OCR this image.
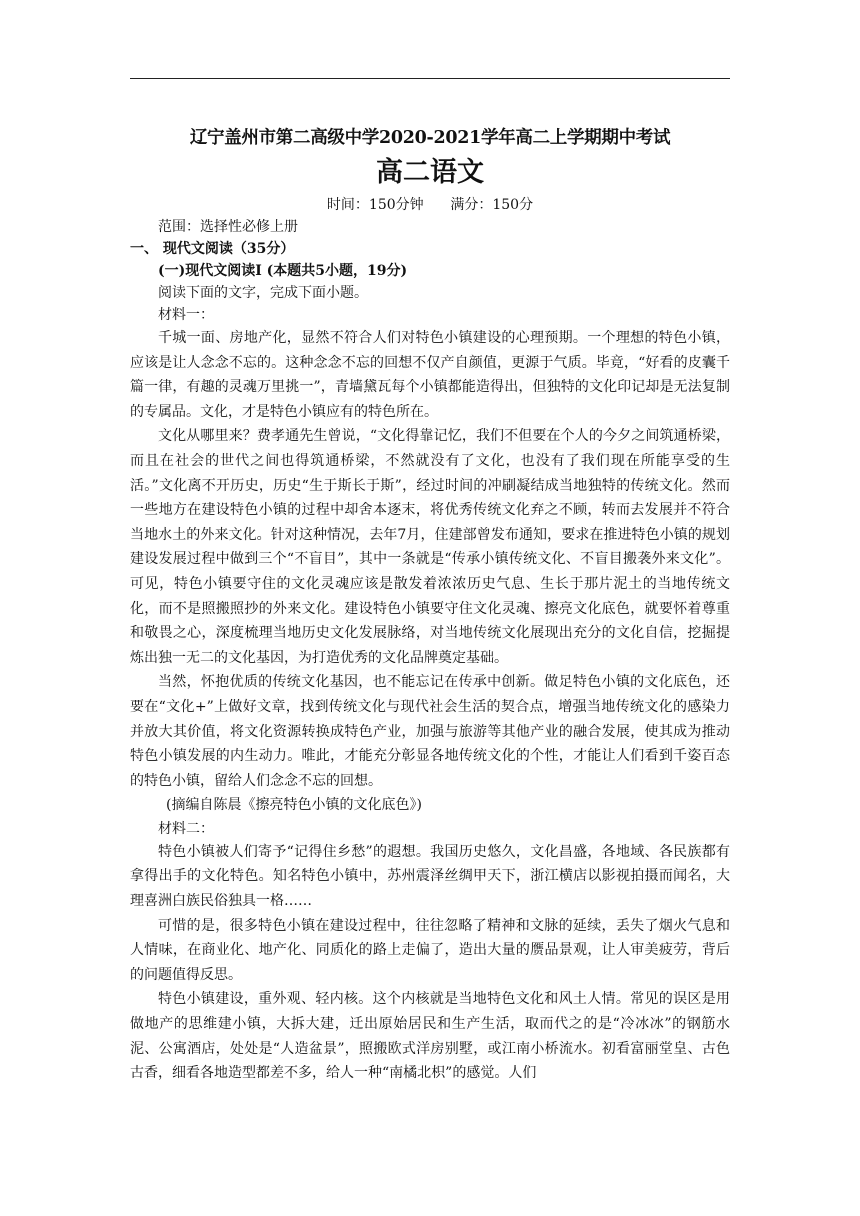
辽宁盖州市第二高级中学2020-2021学年高二上学期期中考试
高二语文
时间：150分钟      满分：150分
范围：选择性必修上册
一、 现代文阅读（35分）
(一)现代文阅读Ⅰ (本题共5小题，19分)
阅读下面的文字，完成下面小题。
材料一：

千城一面、房地产化，显然不符合人们对特色小镇建设的心理预期。一个理想的特色小镇，应该是让人念念不忘的。这种念念不忘的回想不仅产自颜值，更源于气质。毕竟，“好看的皮囊千篇一律，有趣的灵魂万里挑一”，青墙黛瓦每个小镇都能造得出，但独特的文化印记却是无法复制的专属品。文化，才是特色小镇应有的特色所在。

文化从哪里来？费孝通先生曾说，“文化得靠记忆，我们不但要在个人的今夕之间筑通桥梁，而且在社会的世代之间也得筑通桥梁，不然就没有了文化，也没有了我们现在所能享受的生活。”文化离不开历史，历史“生于斯长于斯”，经过时间的冲刷凝结成当地独特的传统文化。然而一些地方在建设特色小镇的过程中却舍本逐末，将优秀传统文化弃之不顾，转而去发展并不符合当地水土的外来文化。针对这种情况，去年7月，住建部曾发布通知，要求在推进特色小镇的规划建设发展过程中做到三个“不盲目”，其中一条就是“传承小镇传统文化、不盲目搬袭外来文化”。可见，特色小镇要守住的文化灵魂应该是散发着浓浓历史气息、生长于那片泥土的当地传统文化，而不是照搬照抄的外来文化。建设特色小镇要守住文化灵魂、擦亮文化底色，就要怀着尊重和敬畏之心，深度梳理当地历史文化发展脉络，对当地传统文化展现出充分的文化自信，挖掘提炼出独一无二的文化基因，为打造优秀的文化品牌奠定基础。

当然，怀抱优质的传统文化基因，也不能忘记在传承中创新。做足特色小镇的文化底色，还要在“文化+”上做好文章，找到传统文化与现代社会生活的契合点，增强当地传统文化的感染力并放大其价值，将文化资源转换成特色产业，加强与旅游等其他产业的融合发展，使其成为推动特色小镇发展的内生动力。唯此，才能充分彰显各地传统文化的个性，才能让人们看到千姿百态的特色小镇，留给人们念念不忘的回想。

(摘编自陈晨《擦亮特色小镇的文化底色》)
材料二：

特色小镇被人们寄予“记得住乡愁”的遐想。我国历史悠久，文化昌盛，各地域、各民族都有拿得出手的文化特色。知名特色小镇中，苏州震泽丝绸甲天下，浙江横店以影视拍摄而闻名，大理喜洲白族民俗独具一格……

可惜的是，很多特色小镇在建设过程中，往往忽略了精神和文脉的延续，丢失了烟火气息和人情味，在商业化、地产化、同质化的路上走偏了，造出大量的赝品景观，让人审美疲劳，背后的问题值得反思。

特色小镇建设，重外观、轻内核。这个内核就是当地特色文化和风土人情。常见的误区是用做地产的思维建小镇，大拆大建，迁出原始居民和生产生活，取而代之的是“冷冰冰”的钢筋水泥、公寓酒店，处处是“人造盆景”，照搬欧式洋房别墅，或江南小桥流水。初看富丽堂皇、古色古香，细看各地造型都差不多，给人一种“南橘北枳”的感觉。人们
